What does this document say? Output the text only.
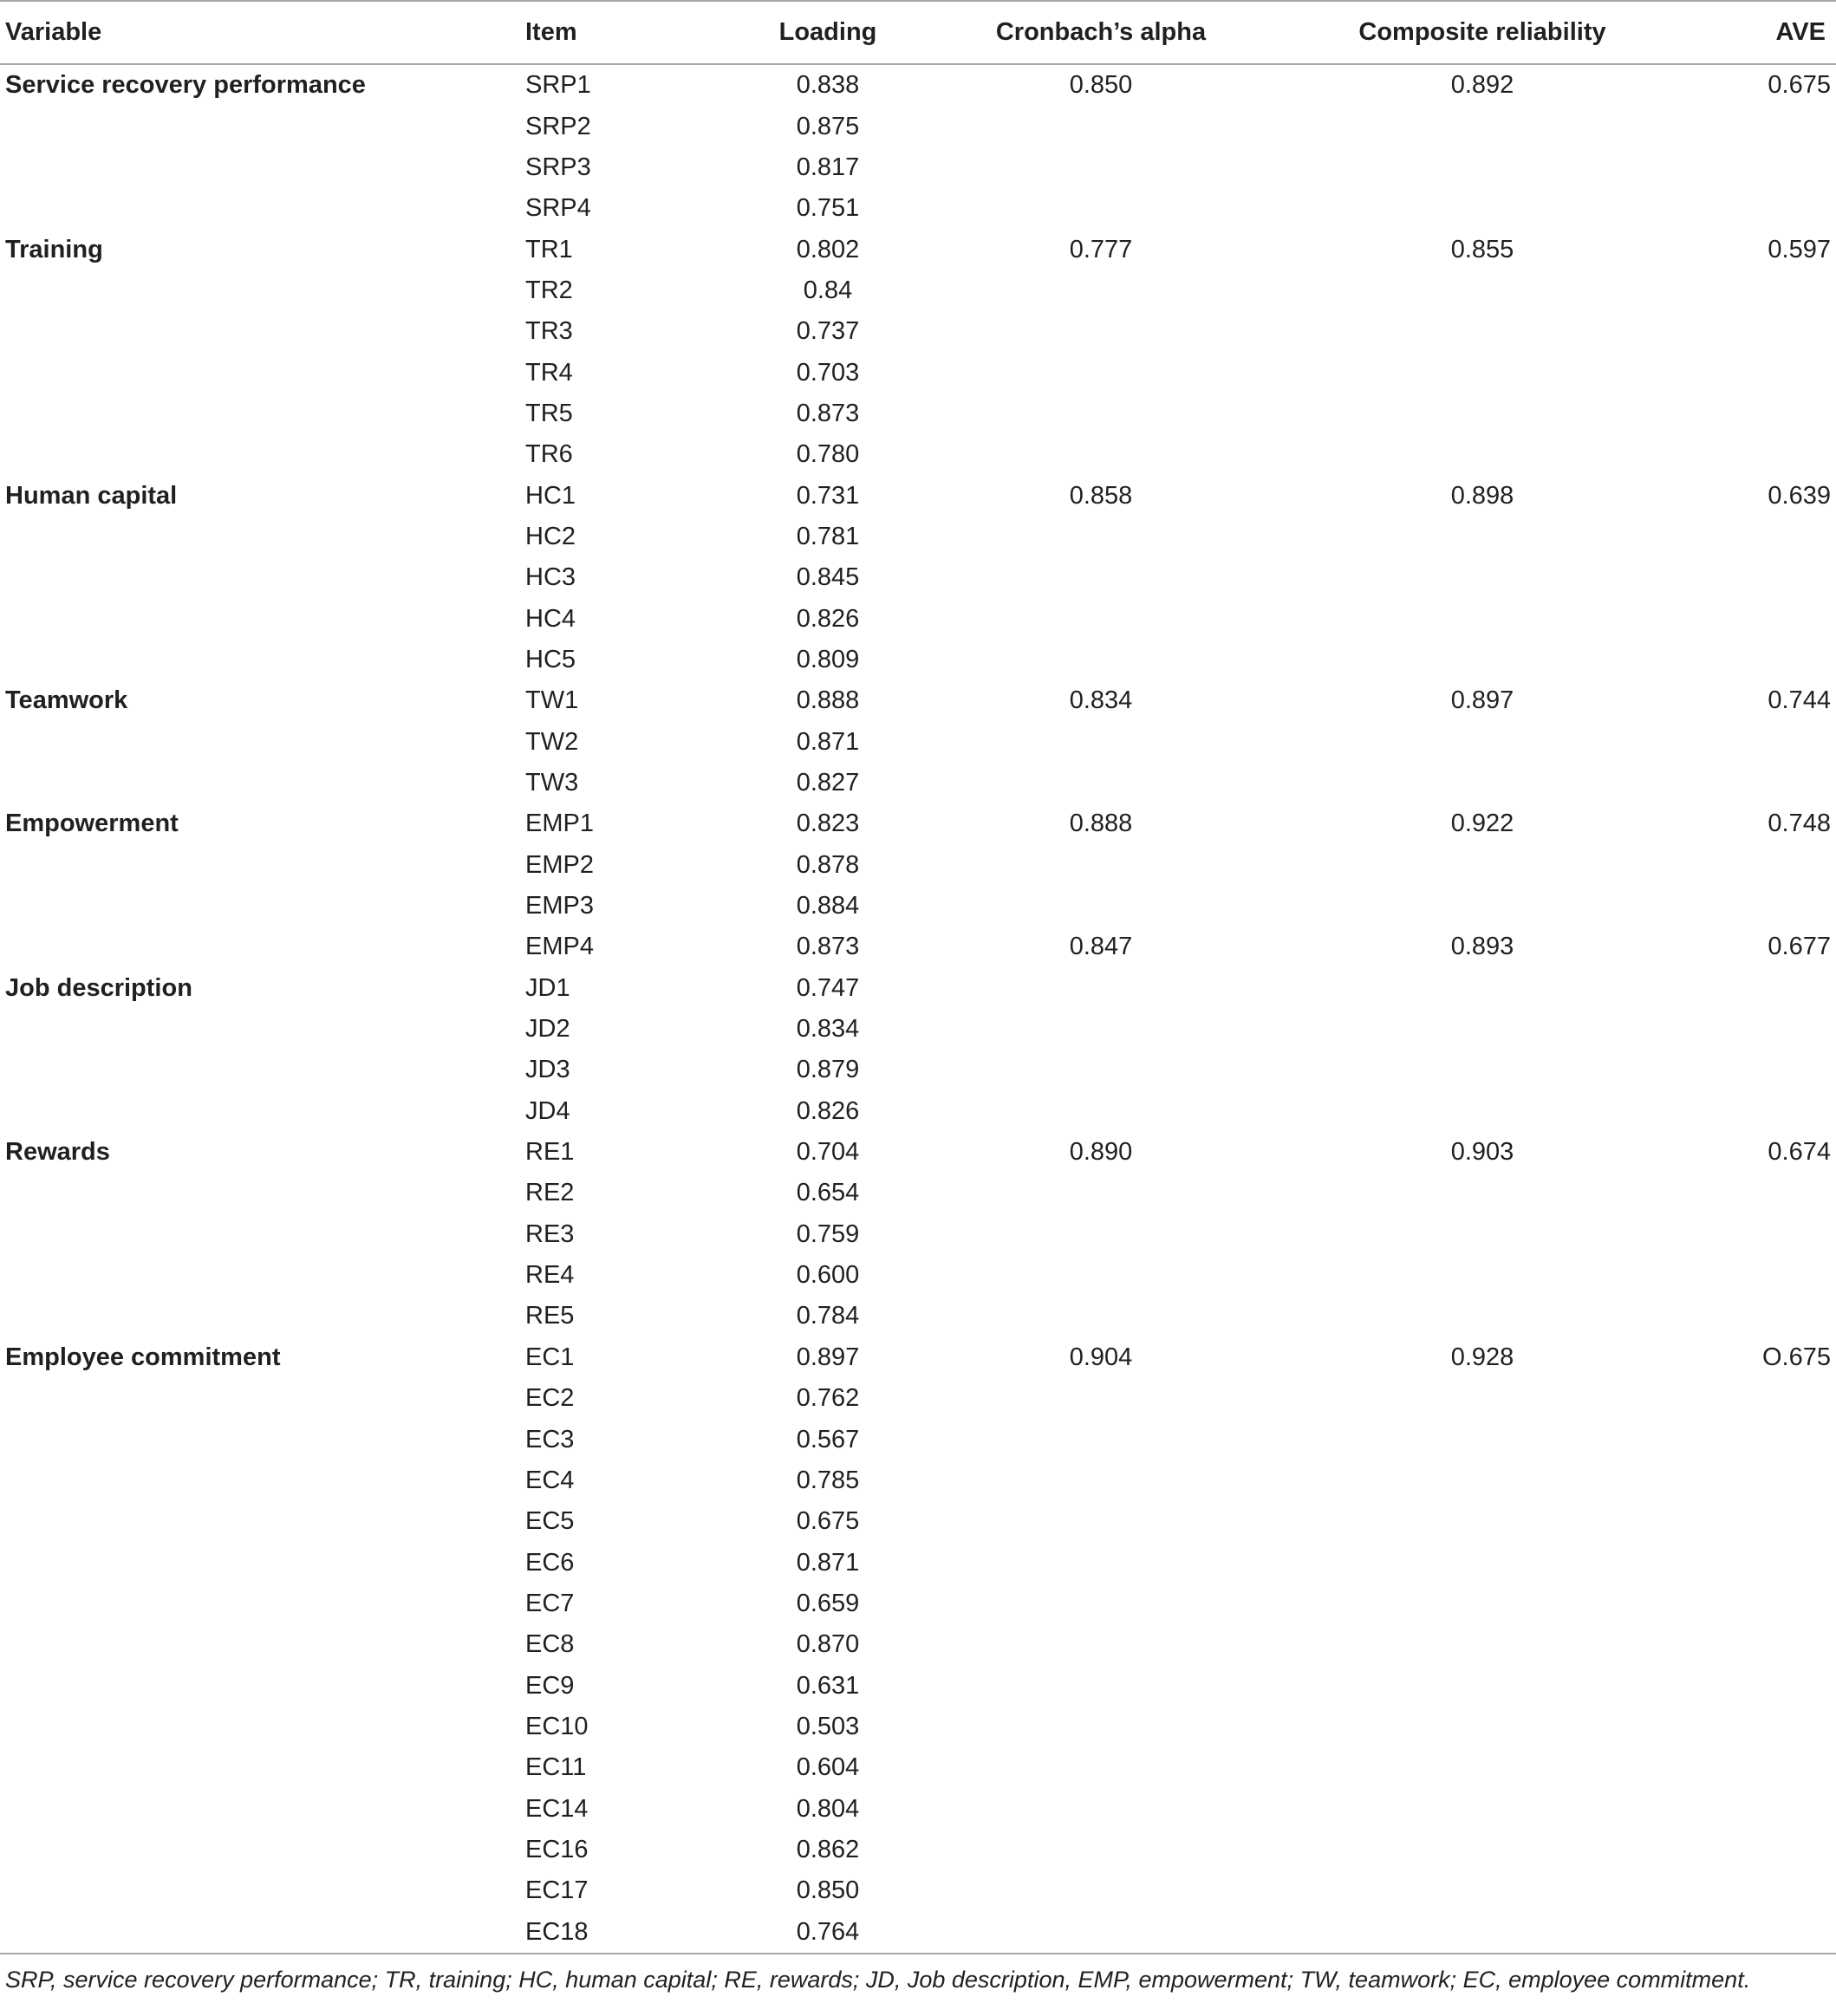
Variable	Item	Loading	Cronbach’s alpha	Composite reliability	AVE
Service recovery performance	SRP1	0.838	0.850	0.892	0.675
	SRP2	0.875			
	SRP3	0.817			
	SRP4	0.751			
Training	TR1	0.802	0.777	0.855	0.597
	TR2	0.84			
	TR3	0.737			
	TR4	0.703			
	TR5	0.873			
	TR6	0.780			
Human capital	HC1	0.731	0.858	0.898	0.639
	HC2	0.781			
	HC3	0.845			
	HC4	0.826			
	HC5	0.809			
Teamwork	TW1	0.888	0.834	0.897	0.744
	TW2	0.871			
	TW3	0.827			
Empowerment	EMP1	0.823	0.888	0.922	0.748
	EMP2	0.878			
	EMP3	0.884			
	EMP4	0.873	0.847	0.893	0.677
Job description	JD1	0.747			
	JD2	0.834			
	JD3	0.879			
	JD4	0.826			
Rewards	RE1	0.704	0.890	0.903	0.674
	RE2	0.654			
	RE3	0.759			
	RE4	0.600			
	RE5	0.784			
Employee commitment	EC1	0.897	0.904	0.928	O.675
	EC2	0.762			
	EC3	0.567			
	EC4	0.785			
	EC5	0.675			
	EC6	0.871			
	EC7	0.659			
	EC8	0.870			
	EC9	0.631			
	EC10	0.503			
	EC11	0.604			
	EC14	0.804			
	EC16	0.862			
	EC17	0.850			
	EC18	0.764			
SRP, service recovery performance; TR, training; HC, human capital; RE, rewards; JD, Job description, EMP, empowerment; TW, teamwork; EC, employee commitment.
